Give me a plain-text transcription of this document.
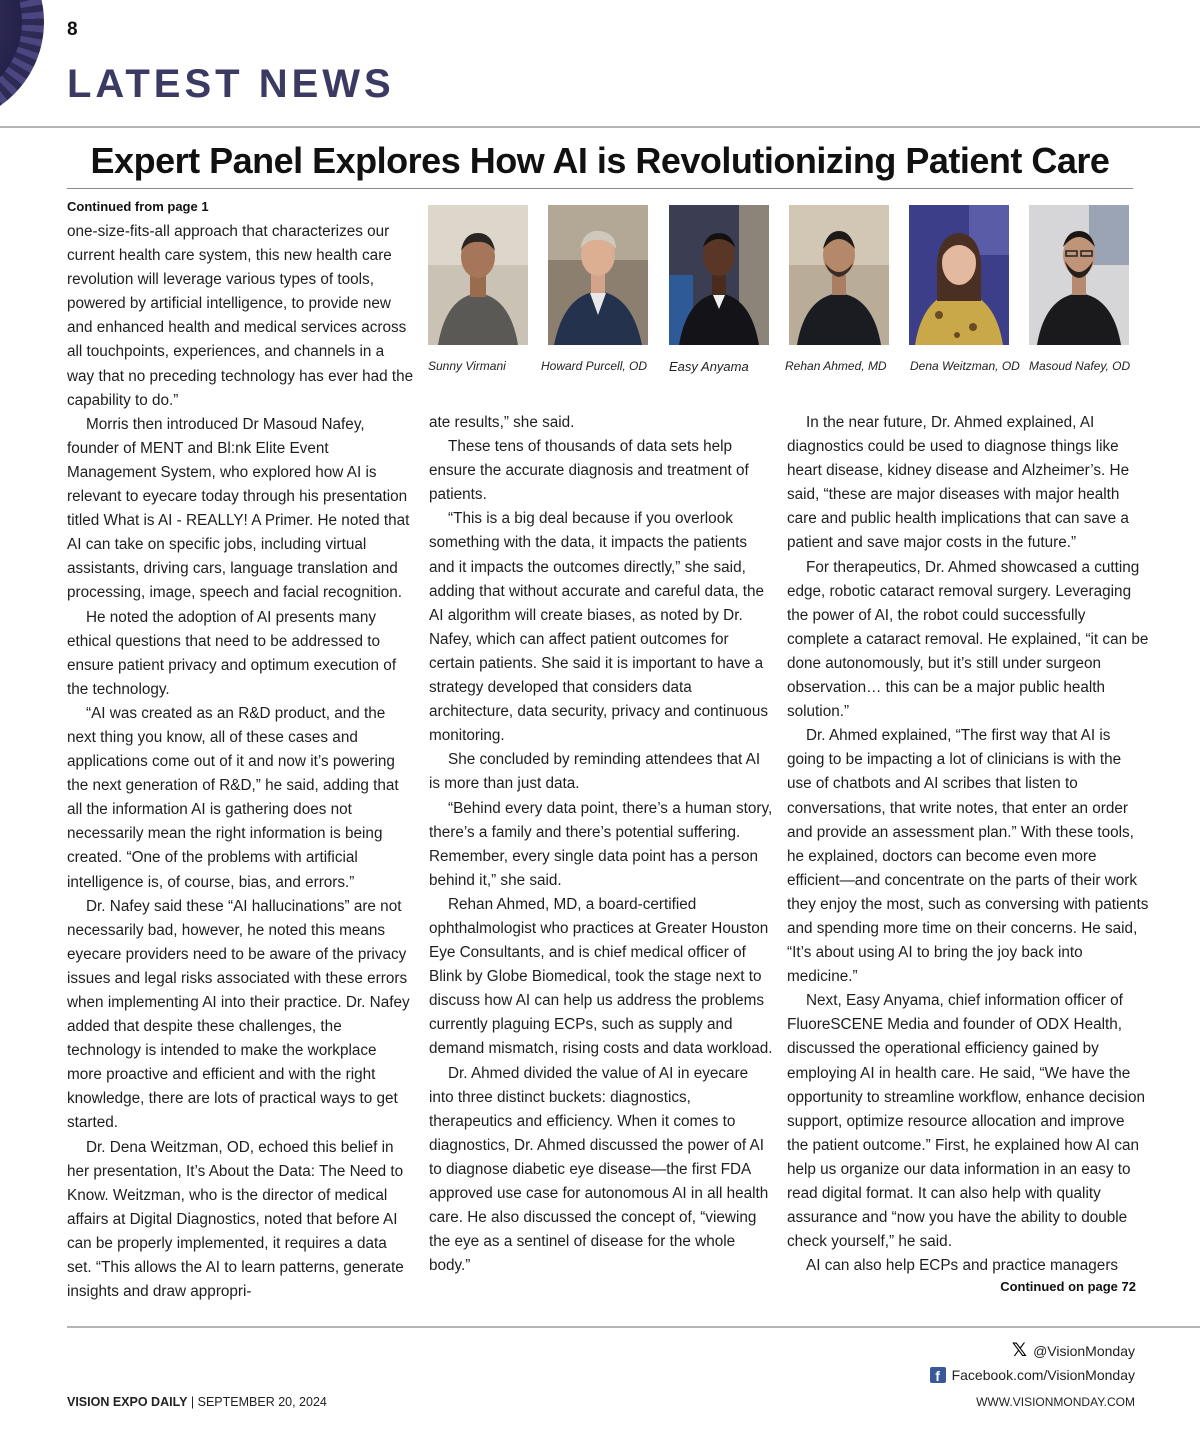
8
LATEST NEWS
Expert Panel Explores How AI is Revolutionizing Patient Care
Continued from page 1
Sunny Virmani	Howard Purcell, OD Easy Anyama	Rehan Ahmed, MD Dena Weitzman, OD Masoud Nafey, OD

one-size-fits-all approach that characterizes our current health care system, this new health care revolution will leverage various types of tools, powered by artificial intelligence, to provide new and enhanced health and medical services across all touchpoints, experiences, and channels in a way that no preceding technology has ever had the capability to do.”

Morris then introduced Dr Masoud Nafey, founder of MENT and Bl:nk Elite Event Management System, who explored how AI is relevant to eyecare today through his presentation titled What is AI - REALLY! A Primer. He noted that AI can take on specific jobs, including virtual assistants, driving cars, language translation and processing, image, speech and facial recognition.

He noted the adoption of AI presents many ethical questions that need to be addressed to ensure patient privacy and optimum execution of the technology.

“AI was created as an R&D product, and the next thing you know, all of these cases and applications come out of it and now it’s powering the next generation of R&D,” he said, adding that all the information AI is gathering does not necessarily mean the right information is being created. “One of the problems with artificial intelligence is, of course, bias, and errors.”

Dr. Nafey said these “AI hallucinations” are not necessarily bad, however, he noted this means eyecare providers need to be aware of the privacy issues and legal risks associated with these errors when implementing AI into their practice. Dr. Nafey added that despite these challenges, the technology is intended to make the workplace more proactive and efficient and with the right knowledge, there are lots of practical ways to get started.

Dr. Dena Weitzman, OD, echoed this belief in her presentation, It’s About the Data: The Need to Know. Weitzman, who is the director of medical affairs at Digital Diagnostics, noted that before AI can be properly implemented, it requires a data set. “This allows the AI to learn patterns, generate insights and draw appropri-

ate results,” she said.

These tens of thousands of data sets help ensure the accurate diagnosis and treatment of patients.

“This is a big deal because if you overlook something with the data, it impacts the patients and it impacts the outcomes directly,” she said, adding that without accurate and careful data, the AI algorithm will create biases, as noted by Dr. Nafey, which can affect patient outcomes for certain patients. She said it is important to have a strategy developed that considers data architecture, data security, privacy and continuous monitoring.

She concluded by reminding attendees that AI is more than just data.

“Behind every data point, there’s a human story, there’s a family and there’s potential suffering. Remember, every single data point has a person behind it,” she said.

Rehan Ahmed, MD, a board-certified ophthalmologist who practices at Greater Houston Eye Consultants, and is chief medical officer of Blink by Globe Biomedical, took the stage next to discuss how AI can help us address the problems currently plaguing ECPs, such as supply and demand mismatch, rising costs and data workload.

Dr. Ahmed divided the value of AI in eyecare into three distinct buckets: diagnostics, therapeutics and efficiency. When it comes to diagnostics, Dr. Ahmed discussed the power of AI to diagnose diabetic eye disease—the first FDA approved use case for autonomous AI in all health care. He also discussed the concept of, “viewing the eye as a sentinel of disease for the whole body.”

In the near future, Dr. Ahmed explained, AI diagnostics could be used to diagnose things like heart disease, kidney disease and Alzheimer’s. He said, “these are major diseases with major health care and public health implications that can save a patient and save major costs in the future.”

For therapeutics, Dr. Ahmed showcased a cutting edge, robotic cataract removal surgery. Leveraging the power of AI, the robot could successfully complete a cataract removal. He explained, “it can be done autonomously, but it’s still under surgeon observation… this can be a major public health solution.”

Dr. Ahmed explained, “The first way that AI is going to be impacting a lot of clinicians is with the use of chatbots and AI scribes that listen to conversations, that write notes, that enter an order and provide an assessment plan.” With these tools, he explained, doctors can become even more efficient—and concentrate on the parts of their work they enjoy the most, such as conversing with patients and spending more time on their concerns. He said, “It’s about using AI to bring the joy back into medicine.”

Next, Easy Anyama, chief information officer of FluoreSCENE Media and founder of ODX Health, discussed the operational efficiency gained by employing AI in health care. He said, “We have the opportunity to streamline workflow, enhance decision support, optimize resource allocation and improve the patient outcome.” First, he explained how AI can help us organize our data information in an easy to read digital format. It can also help with quality assurance and “now you have the ability to double check yourself,” he said.

AI can also help ECPs and practice managers

Continued on page 72
𝕏 @VisionMonday
f Facebook.com/VisionMonday
VISION EXPO DAILY | SEPTEMBER 20, 2024	WWW.VISIONMONDAY.COM
